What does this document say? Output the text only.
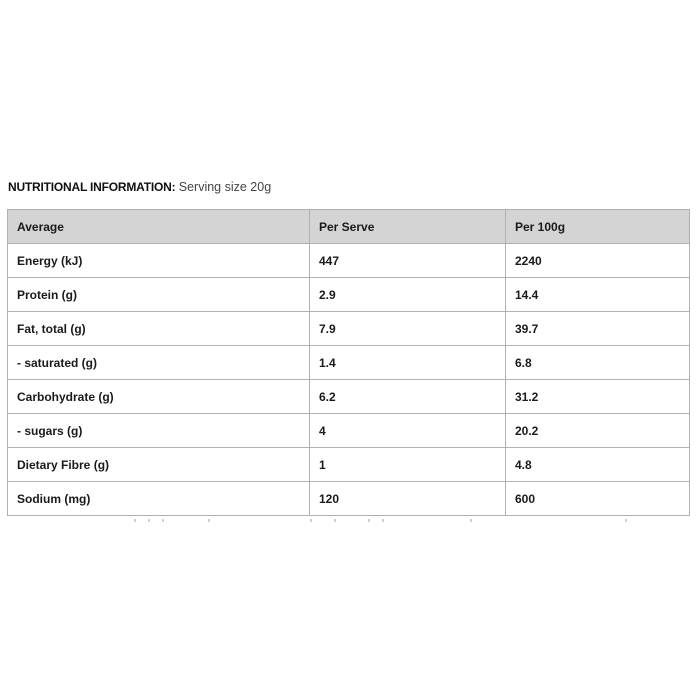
NUTRITIONAL INFORMATION: Serving size 20g
Average	Per Serve	Per 100g
Energy (kJ)	447	2240
Protein (g)	2.9	14.4
Fat, total (g)	7.9	39.7
- saturated (g)	1.4	6.8
Carbohydrate (g)	6.2	31.2
- sugars (g)	4	20.2
Dietary Fibre (g)	1	4.8
Sodium (mg)	120	600
